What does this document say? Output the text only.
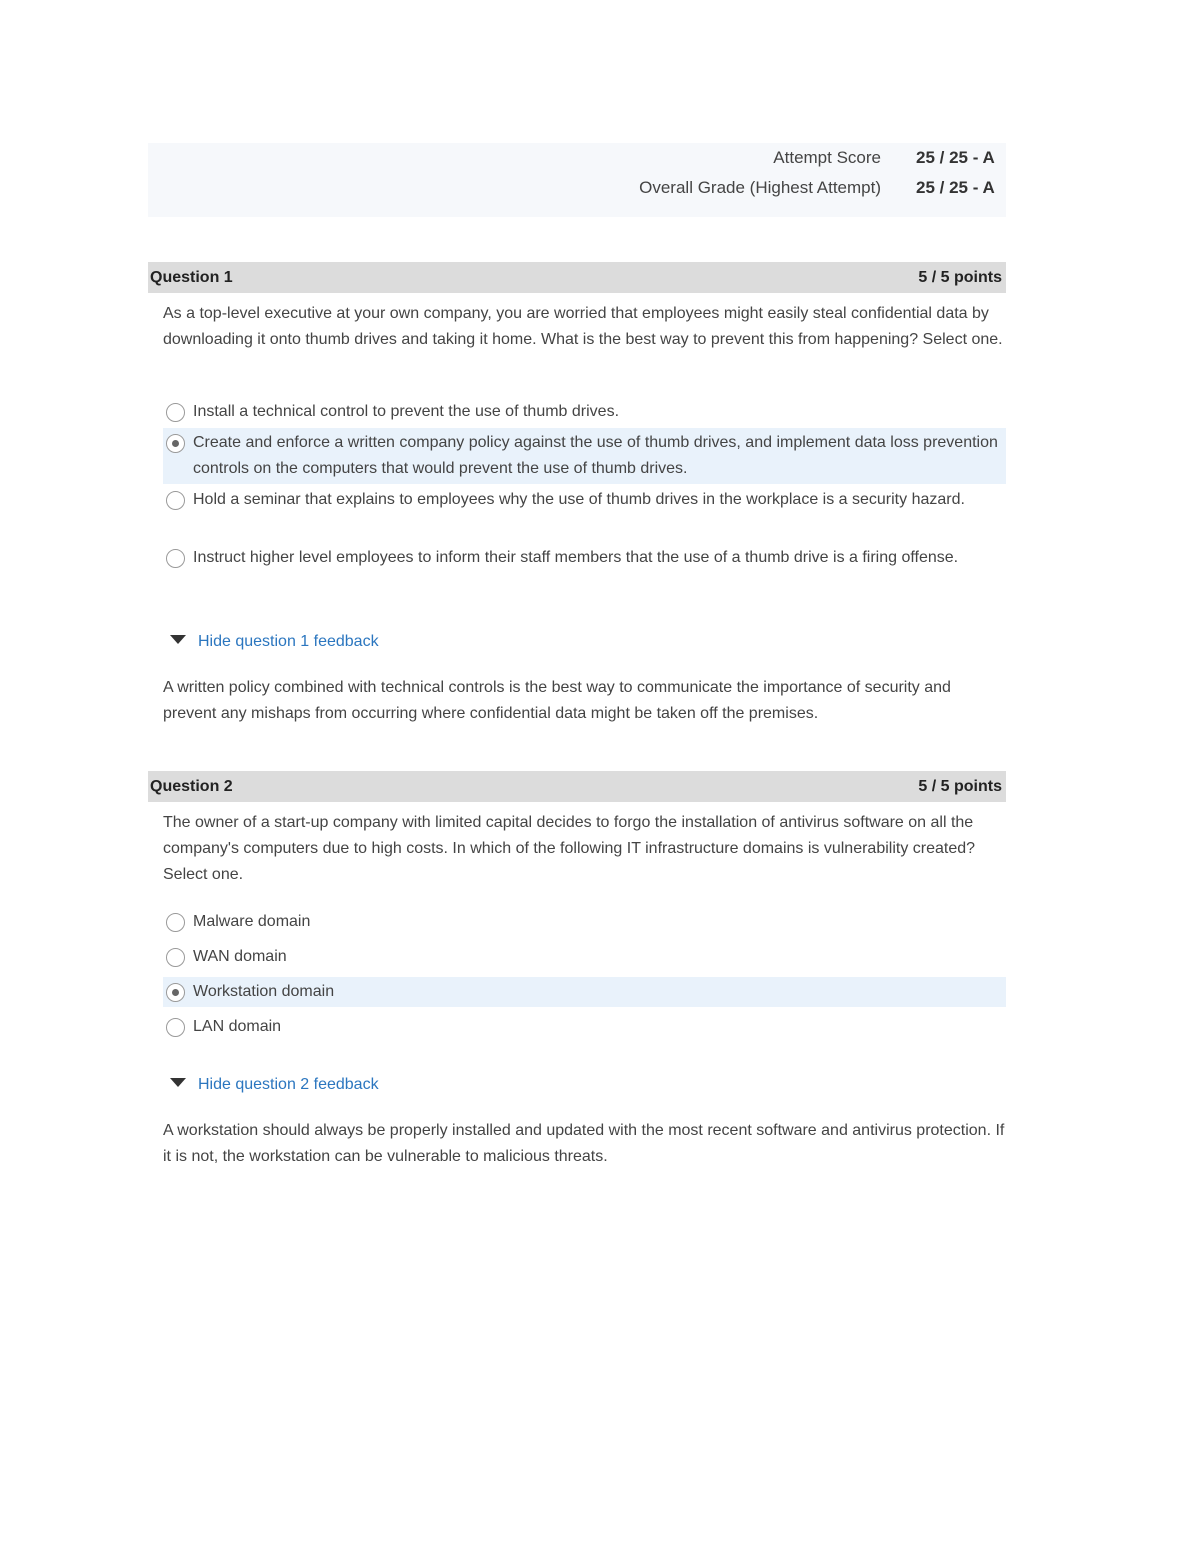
Attempt Score 25 / 25 - A
Overall Grade (Highest Attempt) 25 / 25 - A
Question 1	5 / 5 points
As a top-level executive at your own company, you are worried that employees might easily steal confidential data by downloading it onto thumb drives and taking it home. What is the best way to prevent this from happening? Select one.
Install a technical control to prevent the use of thumb drives.
Create and enforce a written company policy against the use of thumb drives, and implement data loss prevention controls on the computers that would prevent the use of thumb drives.
Hold a seminar that explains to employees why the use of thumb drives in the workplace is a security hazard.
Instruct higher level employees to inform their staff members that the use of a thumb drive is a firing offense.
Hide question 1 feedback
A written policy combined with technical controls is the best way to communicate the importance of security and prevent any mishaps from occurring where confidential data might be taken off the premises.
Question 2	5 / 5 points
The owner of a start-up company with limited capital decides to forgo the installation of antivirus software on all the company's computers due to high costs. In which of the following IT infrastructure domains is vulnerability created? Select one.
Malware domain
WAN domain
Workstation domain
LAN domain
Hide question 2 feedback
A workstation should always be properly installed and updated with the most recent software and antivirus protection. If it is not, the workstation can be vulnerable to malicious threats.
